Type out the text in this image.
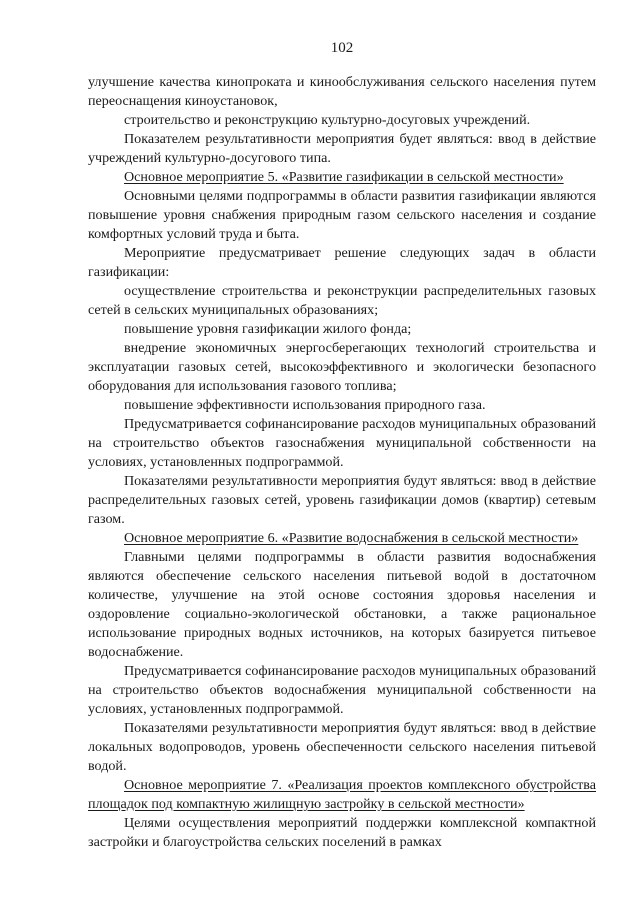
102

улучшение качества кинопроката и кинообслуживания сельского населения путем переоснащения киноустановок,

строительство и реконструкцию культурно-досуговых учреждений.

Показателем результативности мероприятия будет являться: ввод в действие учреждений культурно-досугового типа.

Основное мероприятие 5. «Развитие газификации в сельской местности»

Основными целями подпрограммы в области развития газификации являются повышение уровня снабжения природным газом сельского населения и создание комфортных условий труда и быта.

Мероприятие предусматривает решение следующих задач в области газификации:

осуществление строительства и реконструкции распределительных газовых сетей в сельских муниципальных образованиях;

повышение уровня газификации жилого фонда;

внедрение экономичных энергосберегающих технологий строительства и эксплуатации газовых сетей, высокоэффективного и экологически безопасного оборудования для использования газового топлива;

повышение эффективности использования природного газа.

Предусматривается софинансирование расходов муниципальных образований на строительство объектов газоснабжения муниципальной собственности на условиях, установленных подпрограммой.

Показателями результативности мероприятия будут являться: ввод в действие распределительных газовых сетей, уровень газификации домов (квартир) сетевым газом.

Основное мероприятие 6. «Развитие водоснабжения в сельской местности»

Главными целями подпрограммы в области развития водоснабжения являются обеспечение сельского населения питьевой водой в достаточном количестве, улучшение на этой основе состояния здоровья населения и оздоровление социально-экологической обстановки, а также рациональное использование природных водных источников, на которых базируется питьевое водоснабжение.

Предусматривается софинансирование расходов муниципальных образований на строительство объектов водоснабжения муниципальной собственности на условиях, установленных подпрограммой.

Показателями результативности мероприятия будут являться: ввод в действие локальных водопроводов, уровень обеспеченности сельского населения питьевой водой.

Основное мероприятие 7. «Реализация проектов комплексного обустройства площадок под компактную жилищную застройку в сельской местности»

Целями осуществления мероприятий поддержки комплексной компактной застройки и благоустройства сельских поселений в рамках
